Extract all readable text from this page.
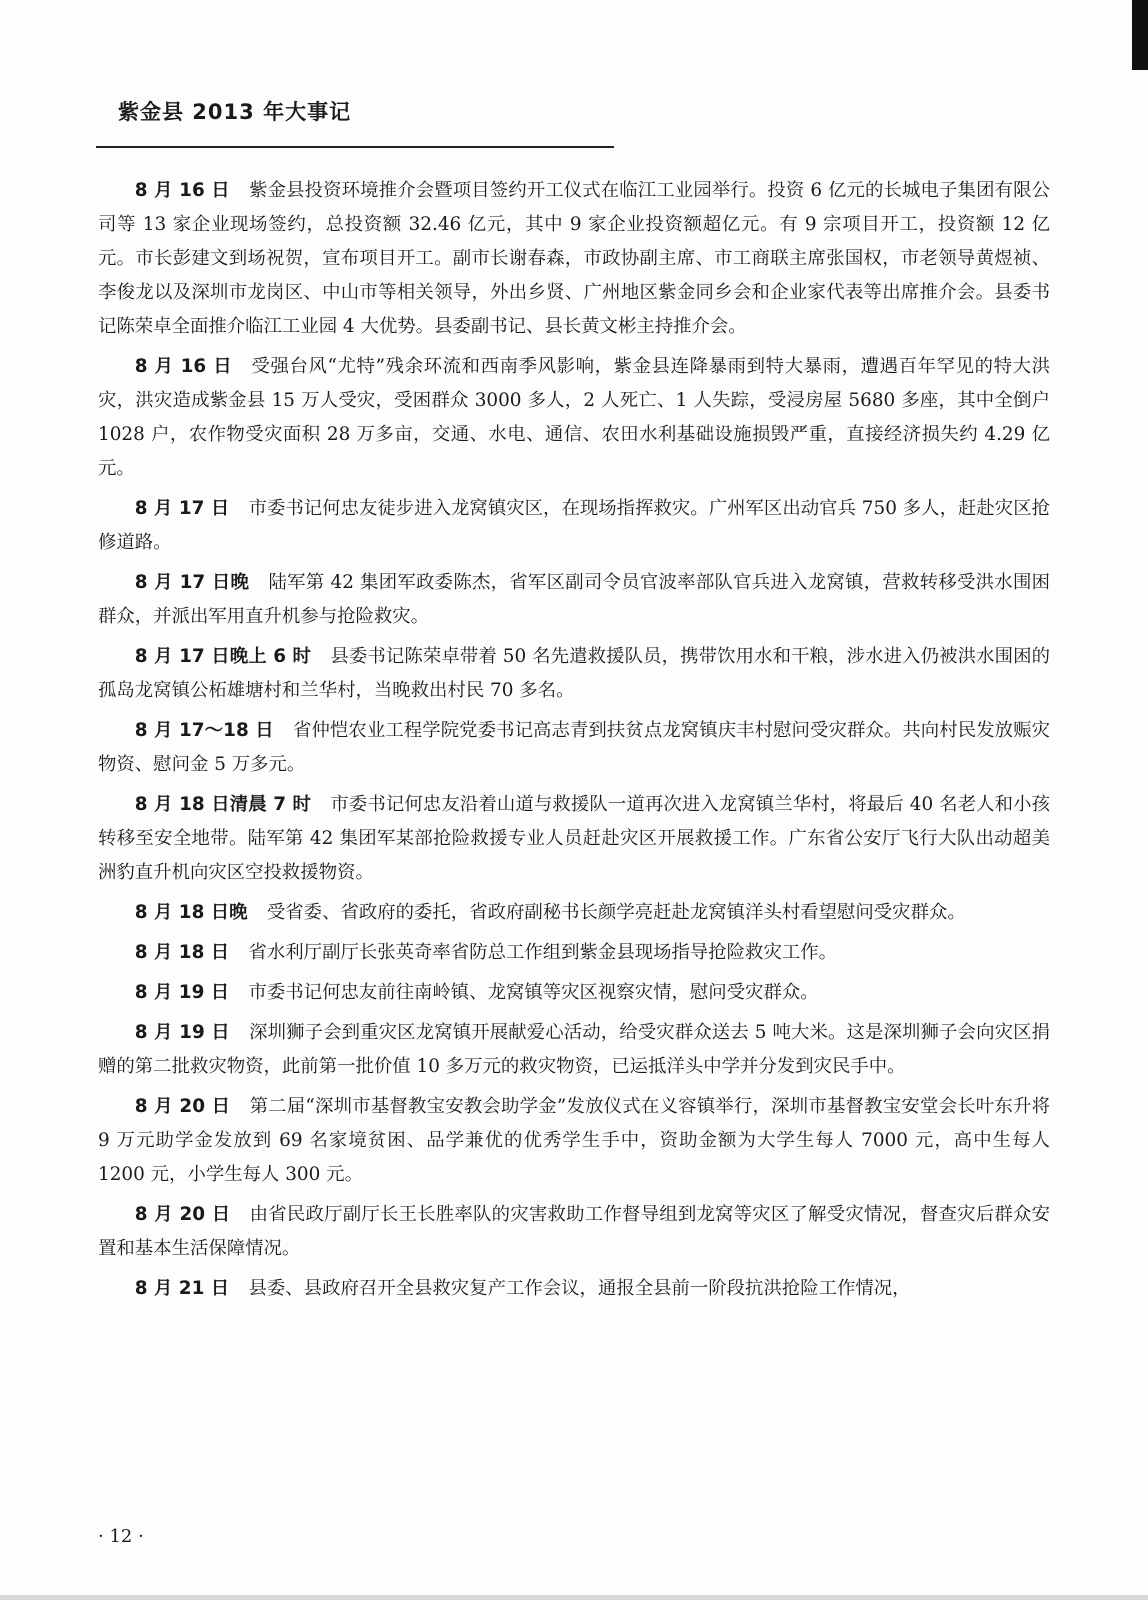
紫金县 2013 年大事记

8 月 16 日 紫金县投资环境推介会暨项目签约开工仪式在临江工业园举行。投资 6 亿元的长城电子集团有限公司等 13 家企业现场签约，总投资额 32.46 亿元，其中 9 家企业投资额超亿元。有 9 宗项目开工，投资额 12 亿元。市长彭建文到场祝贺，宣布项目开工。副市长谢春森，市政协副主席、市工商联主席张国权，市老领导黄煜祯、李俊龙以及深圳市龙岗区、中山市等相关领导，外出乡贤、广州地区紫金同乡会和企业家代表等出席推介会。县委书记陈荣卓全面推介临江工业园 4 大优势。县委副书记、县长黄文彬主持推介会。

8 月 16 日 受强台风“尤特”残余环流和西南季风影响，紫金县连降暴雨到特大暴雨，遭遇百年罕见的特大洪灾，洪灾造成紫金县 15 万人受灾，受困群众 3000 多人，2 人死亡、1 人失踪，受浸房屋 5680 多座，其中全倒户 1028 户，农作物受灾面积 28 万多亩，交通、水电、通信、农田水利基础设施损毁严重，直接经济损失约 4.29 亿元。

8 月 17 日 市委书记何忠友徒步进入龙窝镇灾区，在现场指挥救灾。广州军区出动官兵 750 多人，赶赴灾区抢修道路。

8 月 17 日晚 陆军第 42 集团军政委陈杰，省军区副司令员官波率部队官兵进入龙窝镇，营救转移受洪水围困群众，并派出军用直升机参与抢险救灾。

8 月 17 日晚上 6 时 县委书记陈荣卓带着 50 名先遣救援队员，携带饮用水和干粮，涉水进入仍被洪水围困的孤岛龙窝镇公柘雄塘村和兰华村，当晚救出村民 70 多名。

8 月 17～18 日 省仲恺农业工程学院党委书记高志青到扶贫点龙窝镇庆丰村慰问受灾群众。共向村民发放赈灾物资、慰问金 5 万多元。

8 月 18 日清晨 7 时 市委书记何忠友沿着山道与救援队一道再次进入龙窝镇兰华村，将最后 40 名老人和小孩转移至安全地带。陆军第 42 集团军某部抢险救援专业人员赶赴灾区开展救援工作。广东省公安厅飞行大队出动超美洲豹直升机向灾区空投救援物资。

8 月 18 日晚 受省委、省政府的委托，省政府副秘书长颜学亮赶赴龙窝镇洋头村看望慰问受灾群众。

8 月 18 日 省水利厅副厅长张英奇率省防总工作组到紫金县现场指导抢险救灾工作。

8 月 19 日 市委书记何忠友前往南岭镇、龙窝镇等灾区视察灾情，慰问受灾群众。

8 月 19 日 深圳狮子会到重灾区龙窝镇开展献爱心活动，给受灾群众送去 5 吨大米。这是深圳狮子会向灾区捐赠的第二批救灾物资，此前第一批价值 10 多万元的救灾物资，已运抵洋头中学并分发到灾民手中。

8 月 20 日 第二届“深圳市基督教宝安教会助学金”发放仪式在义容镇举行，深圳市基督教宝安堂会长叶东升将 9 万元助学金发放到 69 名家境贫困、品学兼优的优秀学生手中，资助金额为大学生每人 7000 元，高中生每人 1200 元，小学生每人 300 元。

8 月 20 日 由省民政厅副厅长王长胜率队的灾害救助工作督导组到龙窝等灾区了解受灾情况，督查灾后群众安置和基本生活保障情况。

8 月 21 日 县委、县政府召开全县救灾复产工作会议，通报全县前一阶段抗洪抢险工作情况，

· 12 ·
